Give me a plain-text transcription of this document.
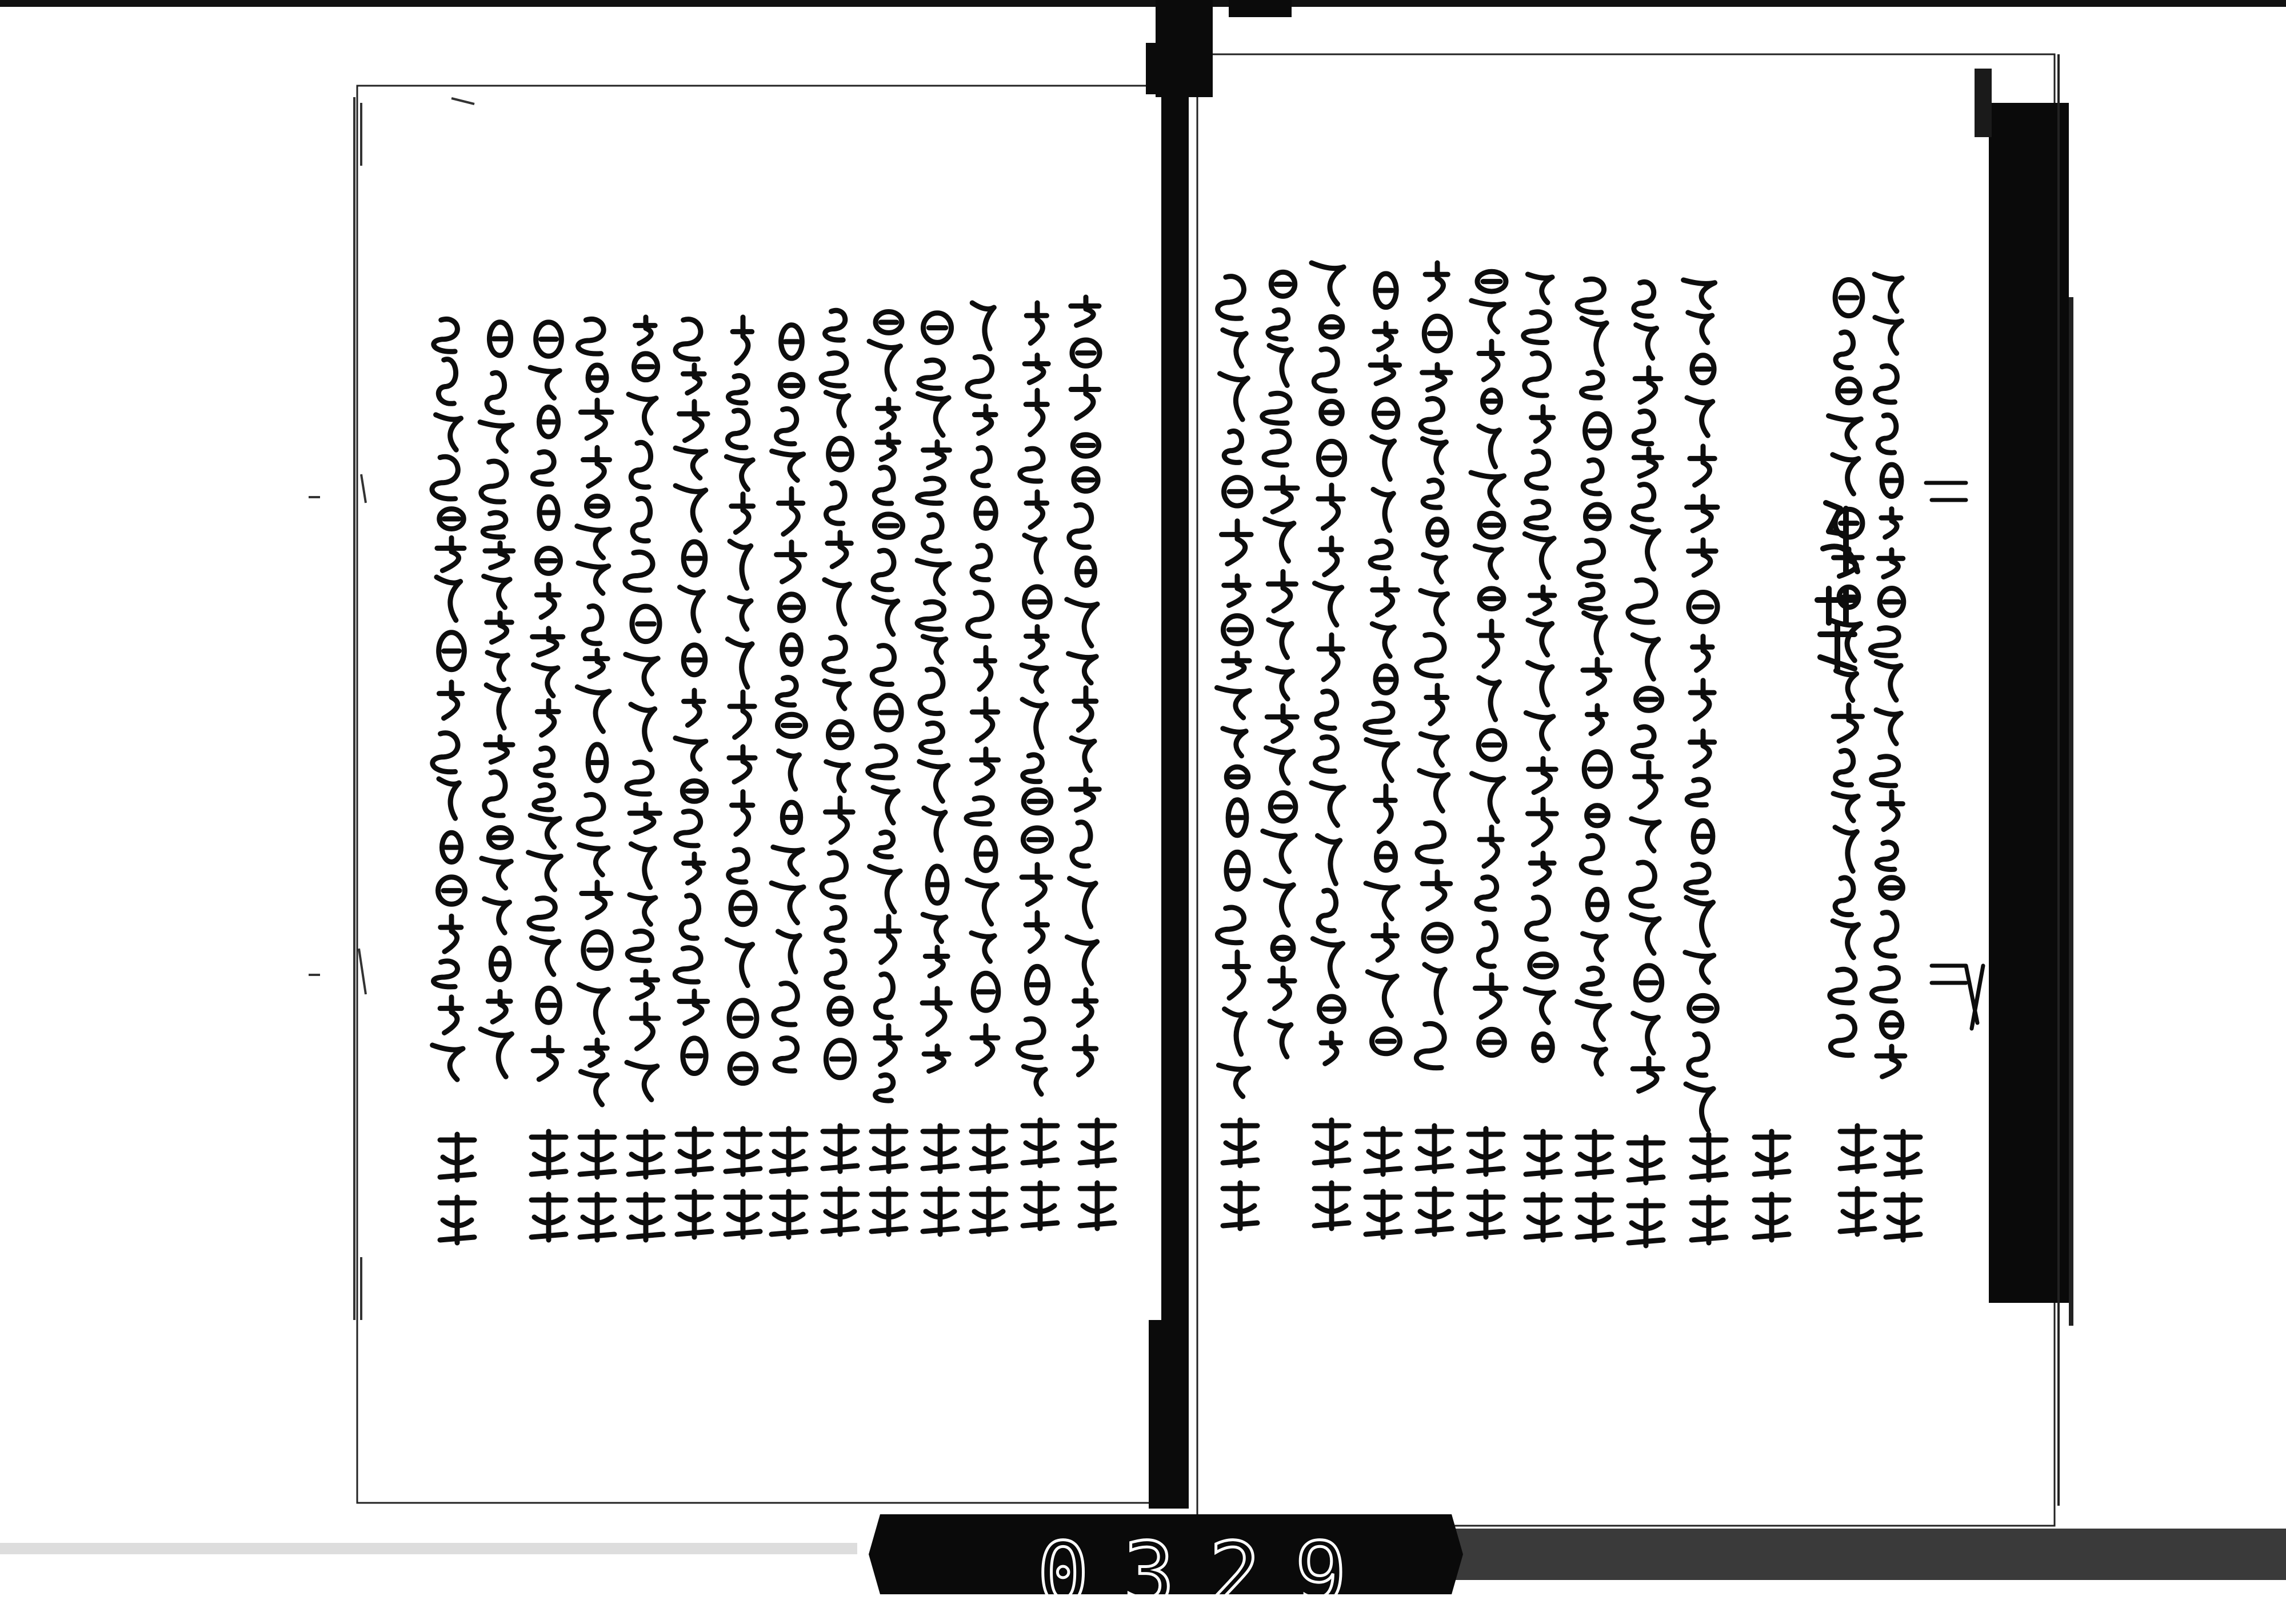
0329
